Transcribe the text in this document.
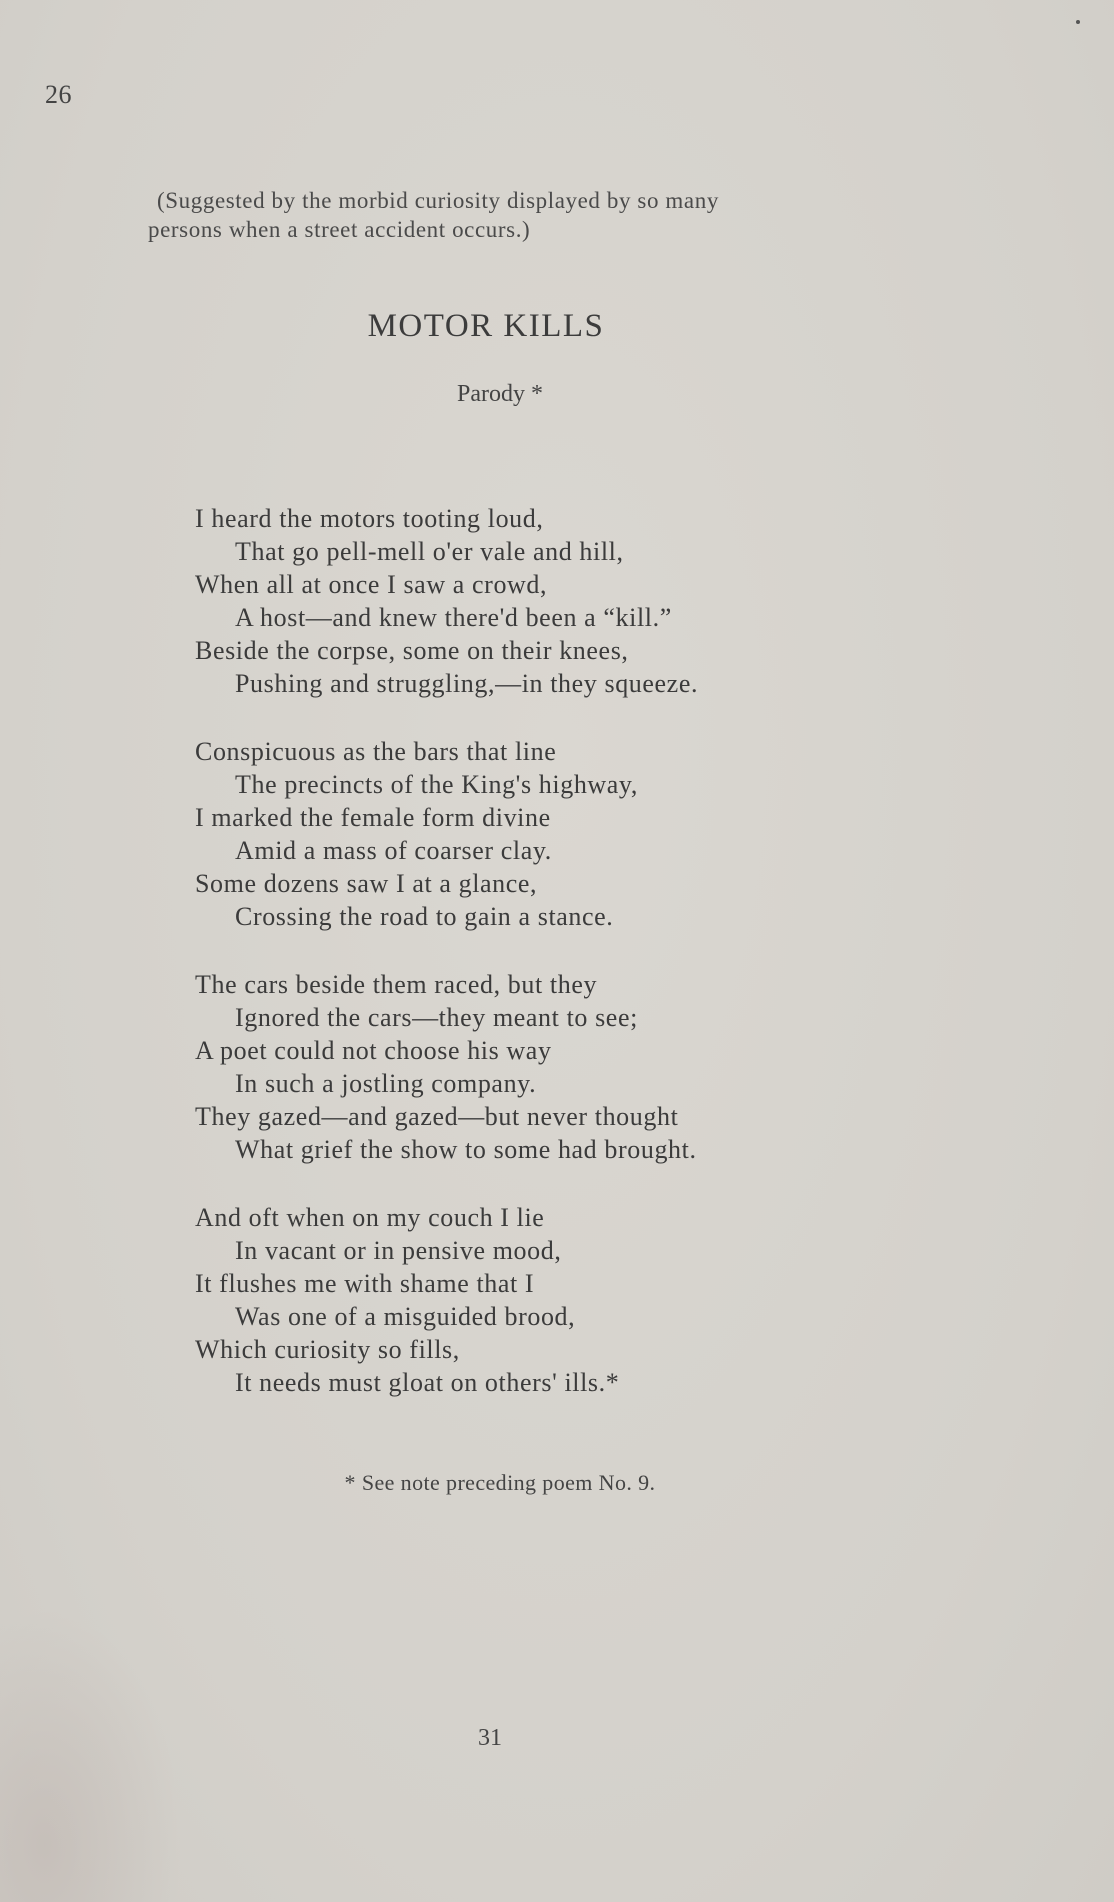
26
(Suggested by the morbid curiosity displayed by so many
persons when a street accident occurs.)
MOTOR KILLS
Parody *
I heard the motors tooting loud,
That go pell-mell o'er vale and hill,
When all at once I saw a crowd,
A host—and knew there'd been a “kill.”
Beside the corpse, some on their knees,
Pushing and struggling,—in they squeeze.
Conspicuous as the bars that line
The precincts of the King's highway,
I marked the female form divine
Amid a mass of coarser clay.
Some dozens saw I at a glance,
Crossing the road to gain a stance.
The cars beside them raced, but they
Ignored the cars—they meant to see;
A poet could not choose his way
In such a jostling company.
They gazed—and gazed—but never thought
What grief the show to some had brought.
And oft when on my couch I lie
In vacant or in pensive mood,
It flushes me with shame that I
Was one of a misguided brood,
Which curiosity so fills,
It needs must gloat on others' ills.*
* See note preceding poem No. 9.
31
